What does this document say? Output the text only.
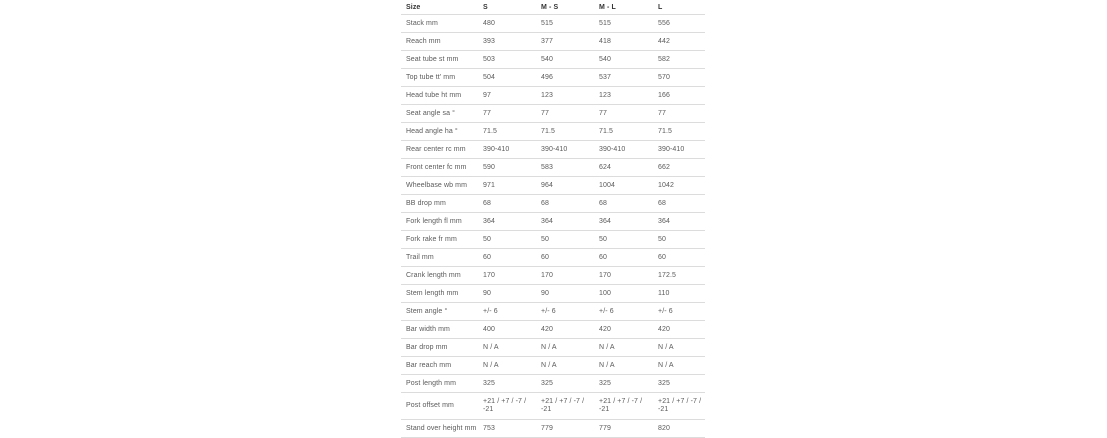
Size	S	M - S	M - L	L
Stack mm	480	515	515	556
Reach mm	393	377	418	442
Seat tube st mm	503	540	540	582
Top tube tt' mm	504	496	537	570
Head tube ht mm	97	123	123	166
Seat angle sa °	77	77	77	77
Head angle ha °	71.5	71.5	71.5	71.5
Rear center rc mm	390-410	390-410	390-410	390-410
Front center fc mm	590	583	624	662
Wheelbase wb mm	971	964	1004	1042
BB drop mm	68	68	68	68
Fork length fl mm	364	364	364	364
Fork rake fr mm	50	50	50	50
Trail mm	60	60	60	60
Crank length mm	170	170	170	172.5
Stem length mm	90	90	100	110
Stem angle °	+/- 6	+/- 6	+/- 6	+/- 6
Bar width mm	400	420	420	420
Bar drop mm	N / A	N / A	N / A	N / A
Bar reach mm	N / A	N / A	N / A	N / A
Post length mm	325	325	325	325
Post offset mm	+21 / +7 / -7 / -21	+21 / +7 / -7 / -21	+21 / +7 / -7 / -21	+21 / +7 / -7 / -21
Stand over height mm	753	779	779	820
